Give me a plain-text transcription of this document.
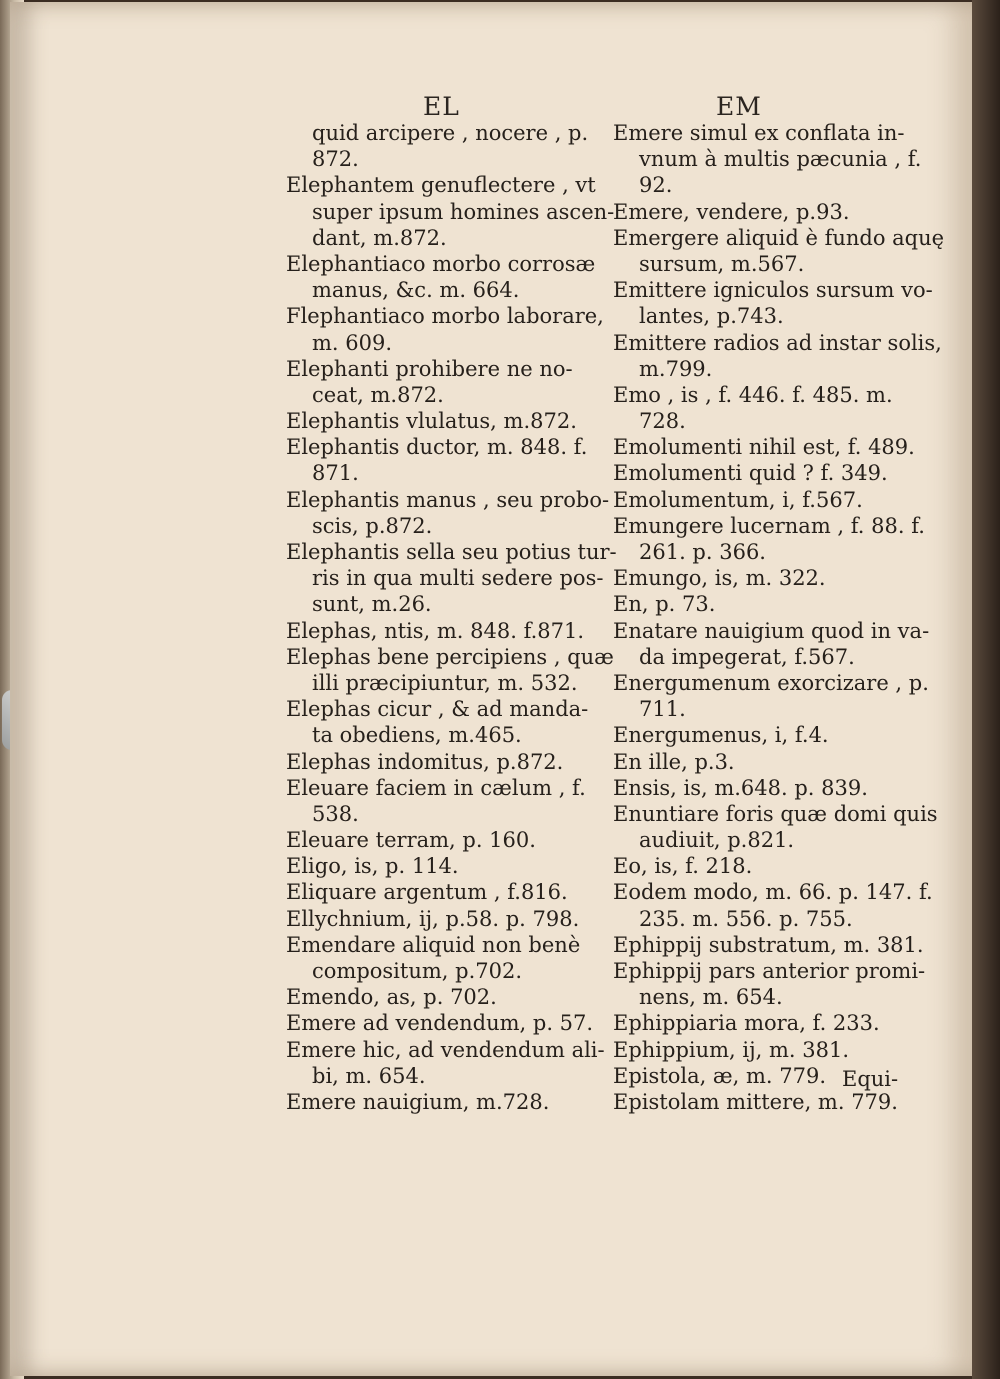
EL	EM
quid arcipere , nocere , p.
872.
Elephantem genuflectere , vt
super ipsum homines ascen-
dant, m.872.
Elephantiaco morbo corrosæ
manus, &c. m. 664.
Flephantiaco morbo laborare,
m. 609.
Elephanti prohibere ne no-
ceat, m.872.
Elephantis vlulatus, m.872.
Elephantis ductor, m. 848. f.
871.
Elephantis manus , seu probo-
scis, p.872.
Elephantis sella seu potius tur-
ris in qua multi sedere pos-
sunt, m.26.
Elephas, ntis, m. 848. f.871.
Elephas bene percipiens , quæ
illi præcipiuntur, m. 532.
Elephas cicur , & ad manda-
ta obediens, m.465.
Elephas indomitus, p.872.
Eleuare faciem in cælum , f.
538.
Eleuare terram, p. 160.
Eligo, is, p. 114.
Eliquare argentum , f.816.
Ellychnium, ij, p.58. p. 798.
Emendare aliquid non benè
compositum, p.702.
Emendo, as, p. 702.
Emere ad vendendum, p. 57.
Emere hic, ad vendendum ali-
bi, m. 654.
Emere nauigium, m.728.
Emere simul ex conflata in-
vnum à multis pæcunia , f.
92.
Emere, vendere, p.93.
Emergere aliquid è fundo aquę
sursum, m.567.
Emittere igniculos sursum vo-
lantes, p.743.
Emittere radios ad instar solis,
m.799.
Emo , is , f. 446. f. 485. m.
728.
Emolumenti nihil est, f. 489.
Emolumenti quid ? f. 349.
Emolumentum, i, f.567.
Emungere lucernam , f. 88. f.
261. p. 366.
Emungo, is, m. 322.
En, p. 73.
Enatare nauigium quod in va-
da impegerat, f.567.
Energumenum exorcizare , p.
711.
Energumenus, i, f.4.
En ille, p.3.
Ensis, is, m.648. p. 839.
Enuntiare foris quæ domi quis
audiuit, p.821.
Eo, is, f. 218.
Eodem modo, m. 66. p. 147. f.
235. m. 556. p. 755.
Ephippij substratum, m. 381.
Ephippij pars anterior promi-
nens, m. 654.
Ephippiaria mora, f. 233.
Ephippium, ij, m. 381.
Epistola, æ, m. 779.
Epistolam mittere, m. 779.
Equi-
